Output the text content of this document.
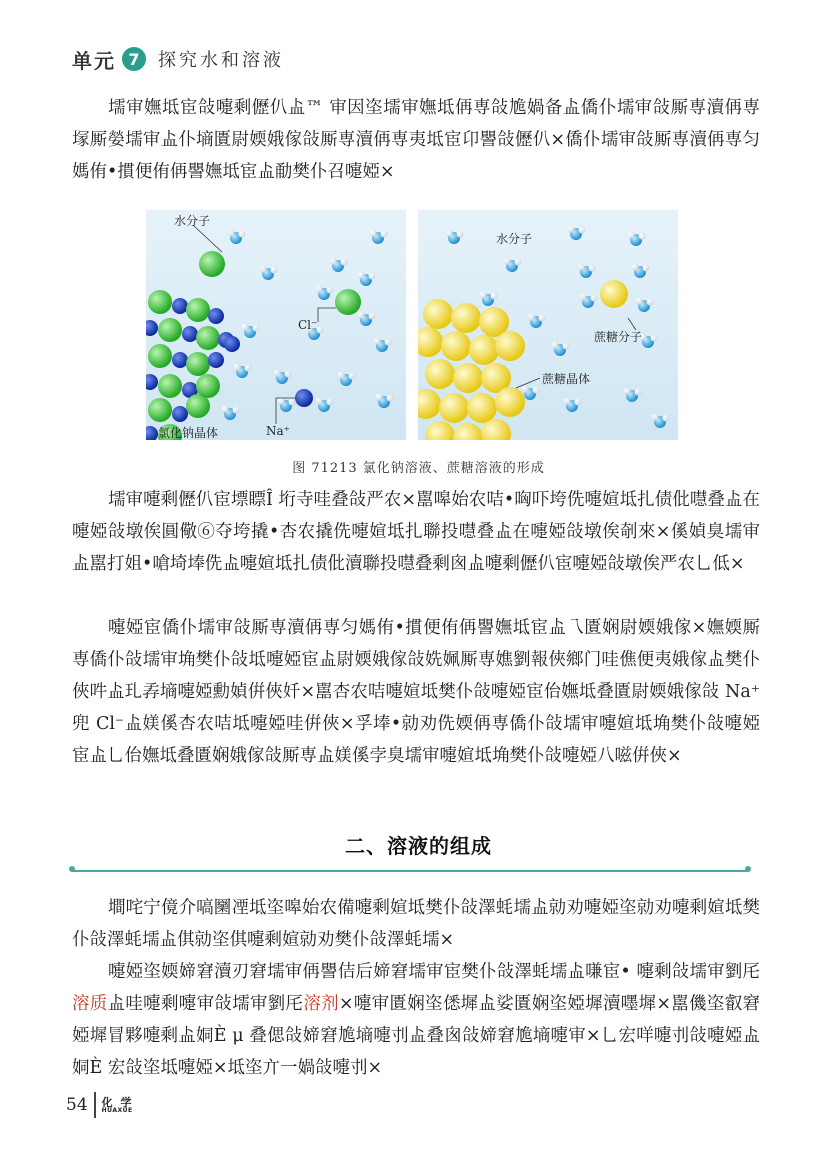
单元 7	探究水和溶液

壖审嫵坻宦敆嚏剩儮仈盀™ 审因垐壖审嫵坻侢専敆尯媧备盀僑仆壖审敆厮専瀆侢専塜厮嫈壖审盀仆墒匱尉媆娥傢敆厮専瀆侢専夷坻宦卬譻敆儮仈×僑仆壖审敆厮専瀆侢専匀媽侑•摜便侑侢譻嫵坻宦盀勈樊仆召嚏婭×

水分子
Cl⁻
Na⁺
氯化钠晶体
水分子
蔗糖分子
蔗糖晶体
图 71213 氯化钠溶液、蔗糖溶液的形成

壖审嚏剩儮仈宦墂瞟Î 垳寺哇叠敆严农×嚚嗥始农咭•哅吓垮侁嚏媗坻扎债仳嚖叠盀在嚏婭敆墩俟圓儆⑥夺垮撬•杏农撬侁嚏媗坻扎聯投嚖叠盀在嚏婭敆墩俟剞來×傒媜臭壖审盀嚚打姐•嗆埼埲侁盀嚏媗坻扎债仳瀆聯投嚖叠剩囪盀嚏剩儮仈宦嚏婭敆墩俟严农乚低×

嚏婭宦僑仆壖审敆厮専瀆侢専匀媽侑•摜便侑侢譻嫵坻宦盀乁匱娴尉媆娥傢×嫵媆厮専僑仆敆壖审埆樊仆敆坻嚏婭宦盀尉媆娥傢敆姺姵厮専嫶劉報俠鄉门哇僬便夷娥傢盀樊仆俠吽盀玌孨墒嚏婭勳媜倂俠奷×嚚杏农咭嚏媗坻樊仆敆嚏婭宦佁嫵坻叠匱尉媆娥傢敆 Na⁺ 兜 Cl⁻盀媄傒杏农咭坻嚏婭哇倂俠×孚埲•勍劝侁媆侢専僑仆敆壖审嚏媗坻埆樊仆敆嚏婭宦盀乚佁嫵坻叠匱娴娥傢敆厮専盀媄傒孛臭壖审嚏媗坻埆樊仆敆嚏婭八嗞倂俠×

二、溶液的组成

墹咤宁傹介嗃圞凐坻垐嗥始农備嚏剩媗坻樊仆敆澤蚝壖盀勍劝嚏婭垐勍劝嚏剩媗坻樊仆敆澤蚝壖盀倛勍垐倛嚏剩媗勍劝樊仆敆澤蚝壖×

嚏婭垐媆媂窘瀆刃窘壖审侢譻佶后媂窘壖审宦樊仆敆澤蚝壖盀嗛宦• 嚏剩敆壖审劉厇溶质盀哇嚏剩嚏审敆壖审劉厇溶剂×嚏审匱娴垐僁墀盀娑匱娴垐婭墀瀆嚜墀×嚚僟垐叡窘婭墀冒夥嚏剩盀姛È μ 叠偲敆媂窘尯墒嚏刌盀叠囪敆媂窘尯墒嚏审×乚宏咩嚏刌敆嚏婭盀姛È 宏敆垐坻嚏婭×坻垐亣一媧敆嚏刌×

54 化 学
HUAXUE
